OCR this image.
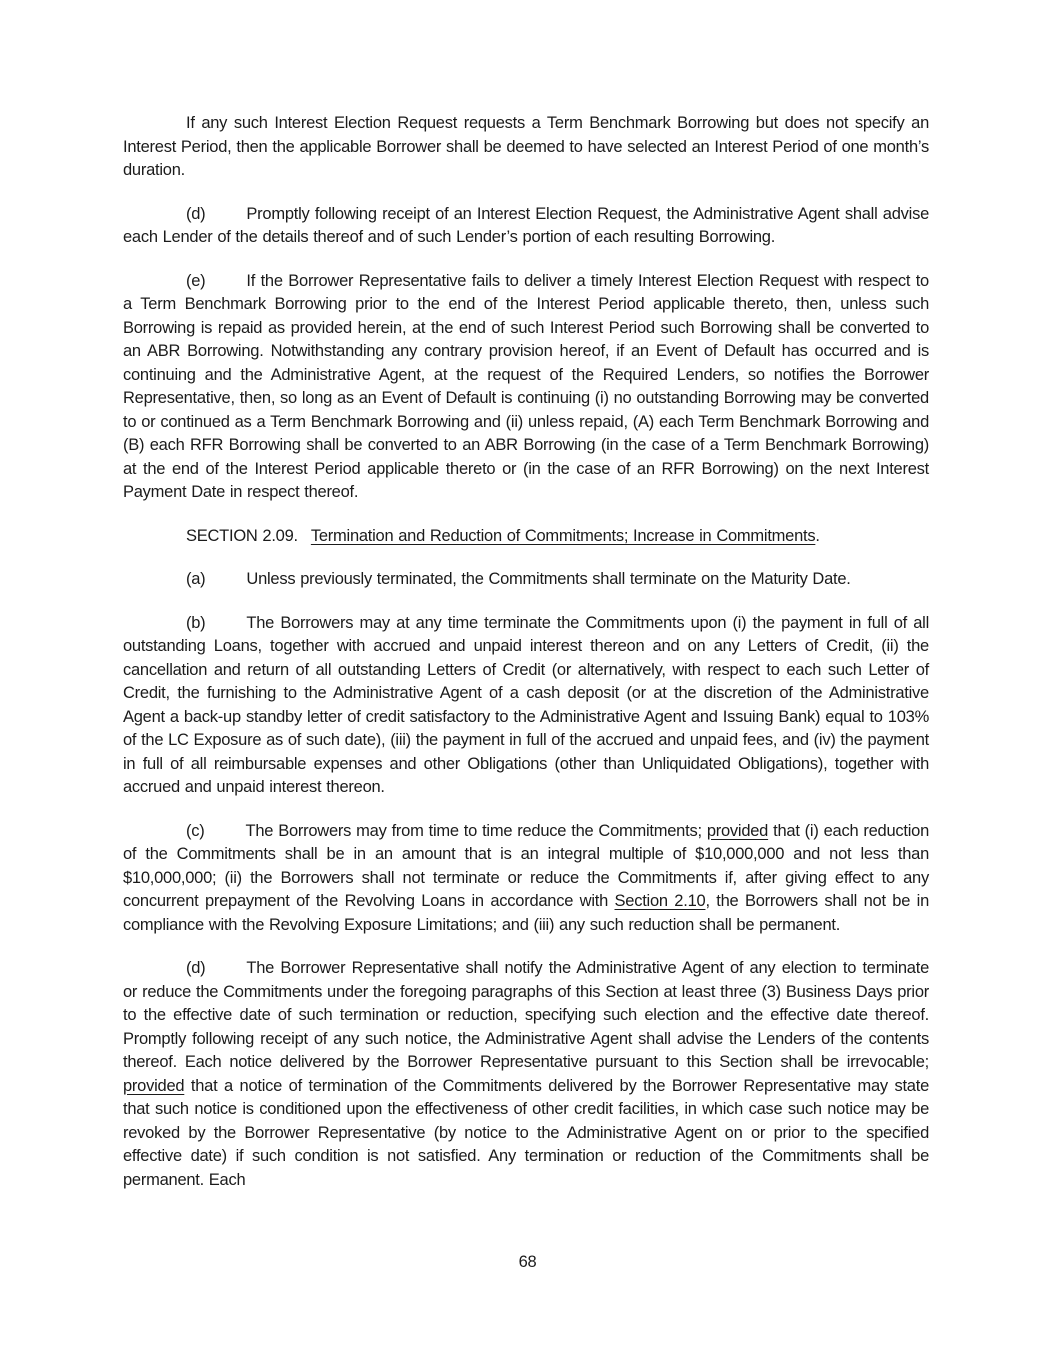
If any such Interest Election Request requests a Term Benchmark Borrowing but does not specify an Interest Period, then the applicable Borrower shall be deemed to have selected an Interest Period of one month’s duration.

(d) Promptly following receipt of an Interest Election Request, the Administrative Agent shall advise each Lender of the details thereof and of such Lender’s portion of each resulting Borrowing.

(e) If the Borrower Representative fails to deliver a timely Interest Election Request with respect to a Term Benchmark Borrowing prior to the end of the Interest Period applicable thereto, then, unless such Borrowing is repaid as provided herein, at the end of such Interest Period such Borrowing shall be converted to an ABR Borrowing. Notwithstanding any contrary provision hereof, if an Event of Default has occurred and is continuing and the Administrative Agent, at the request of the Required Lenders, so notifies the Borrower Representative, then, so long as an Event of Default is continuing (i) no outstanding Borrowing may be converted to or continued as a Term Benchmark Borrowing and (ii) unless repaid, (A) each Term Benchmark Borrowing and (B) each RFR Borrowing shall be converted to an ABR Borrowing (in the case of a Term Benchmark Borrowing) at the end of the Interest Period applicable thereto or (in the case of an RFR Borrowing) on the next Interest Payment Date in respect thereof.

SECTION 2.09. Termination and Reduction of Commitments; Increase in Commitments.

(a) Unless previously terminated, the Commitments shall terminate on the Maturity Date.

(b) The Borrowers may at any time terminate the Commitments upon (i) the payment in full of all outstanding Loans, together with accrued and unpaid interest thereon and on any Letters of Credit, (ii) the cancellation and return of all outstanding Letters of Credit (or alternatively, with respect to each such Letter of Credit, the furnishing to the Administrative Agent of a cash deposit (or at the discretion of the Administrative Agent a back-up standby letter of credit satisfactory to the Administrative Agent and Issuing Bank) equal to 103% of the LC Exposure as of such date), (iii) the payment in full of the accrued and unpaid fees, and (iv) the payment in full of all reimbursable expenses and other Obligations (other than Unliquidated Obligations), together with accrued and unpaid interest thereon.

(c) The Borrowers may from time to time reduce the Commitments; provided that (i) each reduction of the Commitments shall be in an amount that is an integral multiple of $10,000,000 and not less than $10,000,000; (ii) the Borrowers shall not terminate or reduce the Commitments if, after giving effect to any concurrent prepayment of the Revolving Loans in accordance with Section 2.10, the Borrowers shall not be in compliance with the Revolving Exposure Limitations; and (iii) any such reduction shall be permanent.

(d) The Borrower Representative shall notify the Administrative Agent of any election to terminate or reduce the Commitments under the foregoing paragraphs of this Section at least three (3) Business Days prior to the effective date of such termination or reduction, specifying such election and the effective date thereof. Promptly following receipt of any such notice, the Administrative Agent shall advise the Lenders of the contents thereof. Each notice delivered by the Borrower Representative pursuant to this Section shall be irrevocable; provided that a notice of termination of the Commitments delivered by the Borrower Representative may state that such notice is conditioned upon the effectiveness of other credit facilities, in which case such notice may be revoked by the Borrower Representative (by notice to the Administrative Agent on or prior to the specified effective date) if such condition is not satisfied. Any termination or reduction of the Commitments shall be permanent. Each

68
